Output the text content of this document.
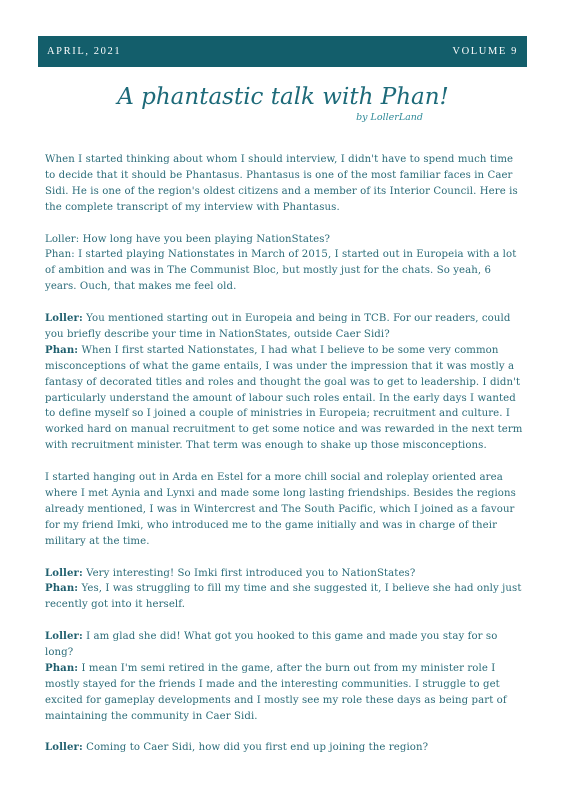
APRIL, 2021	VOLUME 9
A phantastic talk with Phan!
by LollerLand

When I started thinking about whom I should interview, I didn't have to spend much time to decide that it should be Phantasus. Phantasus is one of the most familiar faces in Caer Sidi. He is one of the region's oldest citizens and a member of its Interior Council. Here is the complete transcript of my interview with Phantasus.

Loller: How long have you been playing NationStates?
Phan: I started playing Nationstates in March of 2015, I started out in Europeia with a lot of ambition and was in The Communist Bloc, but mostly just for the chats. So yeah, 6 years. Ouch, that makes me feel old.

Loller: You mentioned starting out in Europeia and being in TCB. For our readers, could you briefly describe your time in NationStates, outside Caer Sidi?
Phan: When I first started Nationstates, I had what I believe to be some very common misconceptions of what the game entails, I was under the impression that it was mostly a fantasy of decorated titles and roles and thought the goal was to get to leadership. I didn't particularly understand the amount of labour such roles entail. In the early days I wanted to define myself so I joined a couple of ministries in Europeia; recruitment and culture. I worked hard on manual recruitment to get some notice and was rewarded in the next term with recruitment minister. That term was enough to shake up those misconceptions.

I started hanging out in Arda en Estel for a more chill social and roleplay oriented area where I met Aynia and Lynxi and made some long lasting friendships. Besides the regions already mentioned, I was in Wintercrest and The South Pacific, which I joined as a favour for my friend Imki, who introduced me to the game initially and was in charge of their military at the time.

Loller: Very interesting! So Imki first introduced you to NationStates?
Phan: Yes, I was struggling to fill my time and she suggested it, I believe she had only just recently got into it herself.

Loller: I am glad she did! What got you hooked to this game and made you stay for so long?
Phan: I mean I'm semi retired in the game, after the burn out from my minister role I mostly stayed for the friends I made and the interesting communities. I struggle to get excited for gameplay developments and I mostly see my role these days as being part of maintaining the community in Caer Sidi.

Loller: Coming to Caer Sidi, how did you first end up joining the region?
